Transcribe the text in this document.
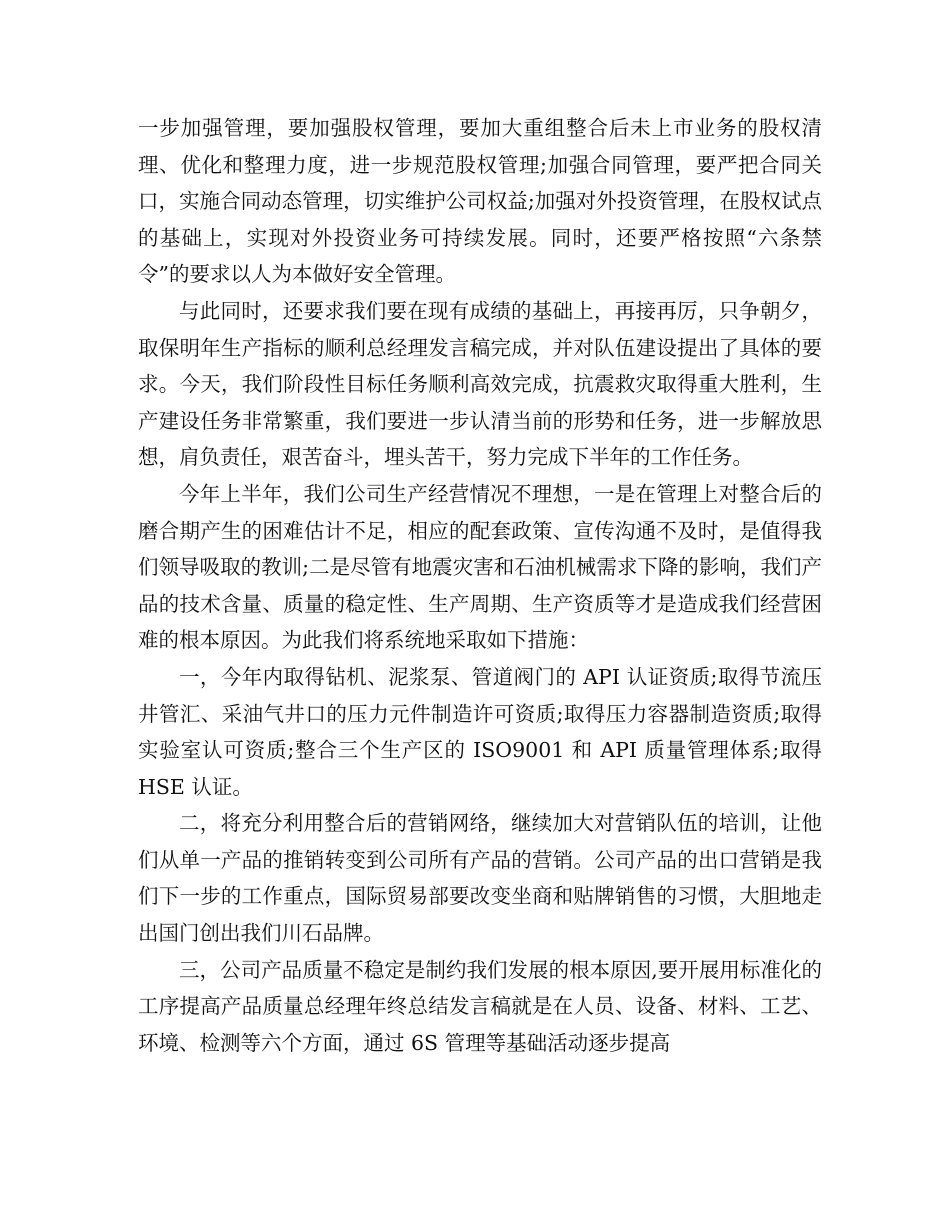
一步加强管理，要加强股权管理，要加大重组整合后未上市业务的股权清理、优化和整理力度，进一步规范股权管理;加强合同管理，要严把合同关口，实施合同动态管理，切实维护公司权益;加强对外投资管理，在股权试点的基础上，实现对外投资业务可持续发展。同时，还要严格按照“六条禁令”的要求以人为本做好安全管理。

与此同时，还要求我们要在现有成绩的基础上，再接再厉，只争朝夕，取保明年生产指标的顺利总经理发言稿完成，并对队伍建设提出了具体的要求。今天，我们阶段性目标任务顺利高效完成，抗震救灾取得重大胜利，生产建设任务非常繁重，我们要进一步认清当前的形势和任务，进一步解放思想，肩负责任，艰苦奋斗，埋头苦干，努力完成下半年的工作任务。

今年上半年，我们公司生产经营情况不理想，一是在管理上对整合后的磨合期产生的困难估计不足，相应的配套政策、宣传沟通不及时，是值得我们领导吸取的教训;二是尽管有地震灾害和石油机械需求下降的影响，我们产品的技术含量、质量的稳定性、生产周期、生产资质等才是造成我们经营困难的根本原因。为此我们将系统地采取如下措施：

一，今年内取得钻机、泥浆泵、管道阀门的 API 认证资质;取得节流压井管汇、采油气井口的压力元件制造许可资质;取得压力容器制造资质;取得实验室认可资质;整合三个生产区的 ISO9001 和 API 质量管理体系;取得 HSE 认证。

二，将充分利用整合后的营销网络，继续加大对营销队伍的培训，让他们从单一产品的推销转变到公司所有产品的营销。公司产品的出口营销是我们下一步的工作重点，国际贸易部要改变坐商和贴牌销售的习惯，大胆地走出国门创出我们川石品牌。

三，公司产品质量不稳定是制约我们发展的根本原因,要开展用标准化的工序提高产品质量总经理年终总结发言稿就是在人员、设备、材料、工艺、环境、检测等六个方面，通过 6S 管理等基础活动逐步提高
